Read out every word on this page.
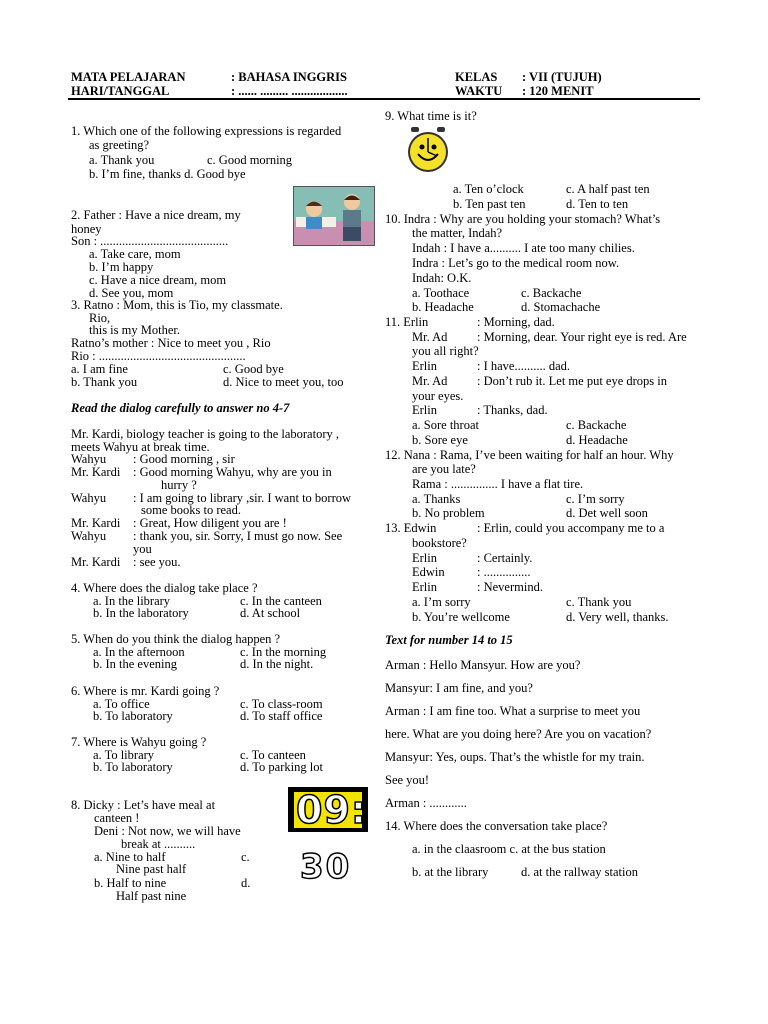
MATA PELAJARAN	: BAHASA INGGRIS
HARI/TANGGAL	: ...... ......... ..................
KELAS : VII (TUJUH)
WAKTU : 120 MENIT
1. Which one of the following expressions is regarded
as greeting?
a. Thank you	c. Good morning
b. I’m fine, thanks d. Good bye
2. Father : Have a nice dream, my
honey
Son : .........................................
a. Take care, mom
b. I’m happy
c. Have a nice dream, mom
d. See you, mom
3. Ratno : Mom, this is Tio, my classmate.
Rio,
this is my Mother.
Ratno’s mother : Nice to meet you , Rio
Rio : ...............................................
a. I am fine	c. Good bye
b. Thank you	d. Nice to meet you, too
Read the dialog carefully to answer no 4-7
Mr. Kardi, biology teacher is going to the laboratory ,
meets Wahyu at break time.
Wahyu : Good morning , sir
Mr. Kardi : Good morning Wahyu, why are you in
hurry ?
Wahyu : I am going to library ,sir. I want to borrow
some books to read.
Mr. Kardi : Great, How diligent you are !
Wahyu : thank you, sir. Sorry, I must go now. See
you
Mr. Kardi : see you.
4. Where does the dialog take place ?
a. In the library	c. In the canteen
b. In the laboratory	d. At school
5. When do you think the dialog happen ?
a. In the afternoon	c. In the morning
b. In the evening	d. In the night.
6. Where is mr. Kardi going ?
a. To office	c. To class-room
b. To laboratory	d. To staff office
7. Where is Wahyu going ?
a. To library	c. To canteen
b. To laboratory	d. To parking lot
8. Dicky : Let’s have meal at
canteen !
Deni : Not now, we will have
break at ..........
a. Nine to half	c.
Nine past half
b. Half to nine	d.
Half past nine
09:
30
9. What time is it?
a. Ten o’clock	c. A half past ten
b. Ten past ten	d. Ten to ten
10. Indra : Why are you holding your stomach? What’s
the matter, Indah?
Indah : I have a.......... I ate too many chilies.
Indra : Let’s go to the medical room now.
Indah: O.K.
a. Toothace	c. Backache
b. Headache	d. Stomachache
11. Erlin	: Morning, dad.
Mr. Ad : Morning, dear. Your right eye is red. Are
you all right?
Erlin	: I have.......... dad.
Mr. Ad : Don’t rub it. Let me put eye drops in
your eyes.
Erlin	: Thanks, dad.
a. Sore throat	c. Backache
b. Sore eye	d. Headache
12. Nana : Rama, I’ve been waiting for half an hour. Why
are you late?
Rama : ............... I have a flat tire.
a. Thanks	c. I’m sorry
b. No problem	d. Det well soon
13. Edwin	: Erlin, could you accompany me to a
bookstore?
Erlin	: Certainly.
Edwin	: ...............
Erlin	: Nevermind.
a. I’m sorry	c. Thank you
b. You’re wellcome	d. Very well, thanks.
Text for number 14 to 15
Arman : Hello Mansyur. How are you?
Mansyur: I am fine, and you?
Arman : I am fine too. What a surprise to meet you
here. What are you doing here? Are you on vacation?
Mansyur: Yes, oups. That’s the whistle for my train.
See you!
Arman : ............
14. Where does the conversation take place?
a. in the claasroom c. at the bus station
b. at the library	d. at the rallway station
